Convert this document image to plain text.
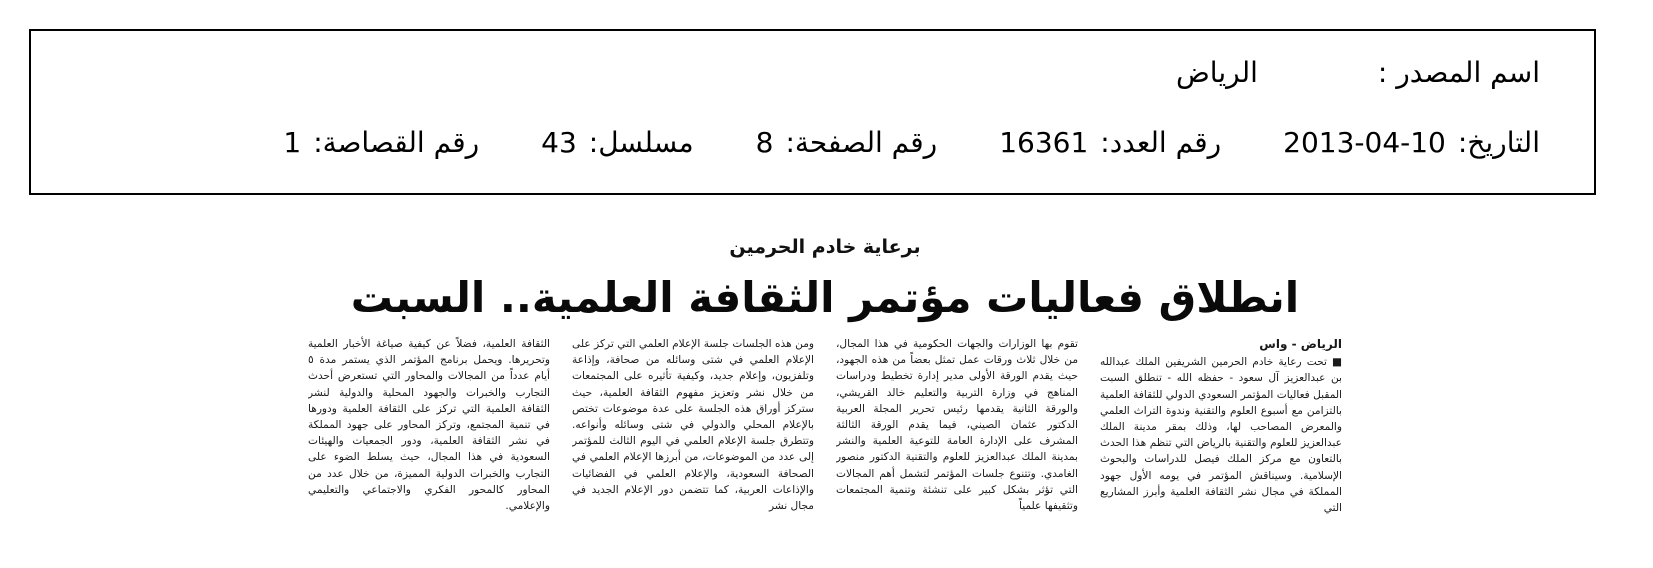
اسم المصدر :الرياض
التاريخ:2013-04-10رقم العدد:16361رقم الصفحة:8مسلسل:43رقم القصاصة:1
برعاية خادم الحرمين
انطلاق فعاليات مؤتمر الثقافة العلمية.. السبت
الرياض - واس
■ تحت رعاية خادم الحرمين الشريفين الملك عبدالله بن عبدالعزيز آل سعود - حفظه الله - تنطلق السبت المقبل فعاليات المؤتمر السعودي الدولي للثقافة العلمية بالتزامن مع أسبوع العلوم والتقنية وندوة التراث العلمي والمعرض المصاحب لها، وذلك بمقر مدينة الملك عبدالعزيز للعلوم والتقنية بالرياض التي تنظم هذا الحدث بالتعاون مع مركز الملك فيصل للدراسات والبحوث الإسلامية. وسيناقش المؤتمر في يومه الأول جهود المملكة في مجال نشر الثقافة العلمية وأبرز المشاريع التي
تقوم بها الوزارات والجهات الحكومية في هذا المجال، من خلال ثلاث ورقات عمل تمثل بعضاً من هذه الجهود، حيث يقدم الورقة الأولى مدير إدارة تخطيط ودراسات المناهج في وزارة التربية والتعليم خالد القريشي، والورقة الثانية يقدمها رئيس تحرير المجلة العربية الدكتور عثمان الصيني، فيما يقدم الورقة الثالثة المشرف على الإدارة العامة للتوعية العلمية والنشر بمدينة الملك عبدالعزيز للعلوم والتقنية الدكتور منصور الغامدي. وتتنوع جلسات المؤتمر لتشمل أهم المجالات التي تؤثر بشكل كبير على تنشئة وتنمية المجتمعات وتثقيفها علمياً
ومن هذه الجلسات جلسة الإعلام العلمي التي تركز على الإعلام العلمي في شتى وسائله من صحافة، وإذاعة وتلفزيون، وإعلام جديد، وكيفية تأثيره على المجتمعات من خلال نشر وتعزيز مفهوم الثقافة العلمية، حيث ستركز أوراق هذه الجلسة على عدة موضوعات تختص بالإعلام المحلي والدولي في شتى وسائله وأنواعه. وتتطرق جلسة الإعلام العلمي في اليوم الثالث للمؤتمر إلى عدد من الموضوعات، من أبرزها الإعلام العلمي في الصحافة السعودية، والإعلام العلمي في الفضائيات والإذاعات العربية، كما تتضمن دور الإعلام الجديد في مجال نشر
الثقافة العلمية، فضلاً عن كيفية صياغة الأخبار العلمية وتحريرها. ويحمل برنامج المؤتمر الذي يستمر مدة ٥ أيام عدداً من المجالات والمحاور التي تستعرض أحدث التجارب والخبرات والجهود المحلية والدولية لنشر الثقافة العلمية التي تركز على الثقافة العلمية ودورها في تنمية المجتمع، وتركز المحاور على جهود المملكة في نشر الثقافة العلمية، ودور الجمعيات والهيئات السعودية في هذا المجال، حيث يسلط الضوء على التجارب والخبرات الدولية المميزة، من خلال عدد من المحاور كالمحور الفكري والاجتماعي والتعليمي والإعلامي.
